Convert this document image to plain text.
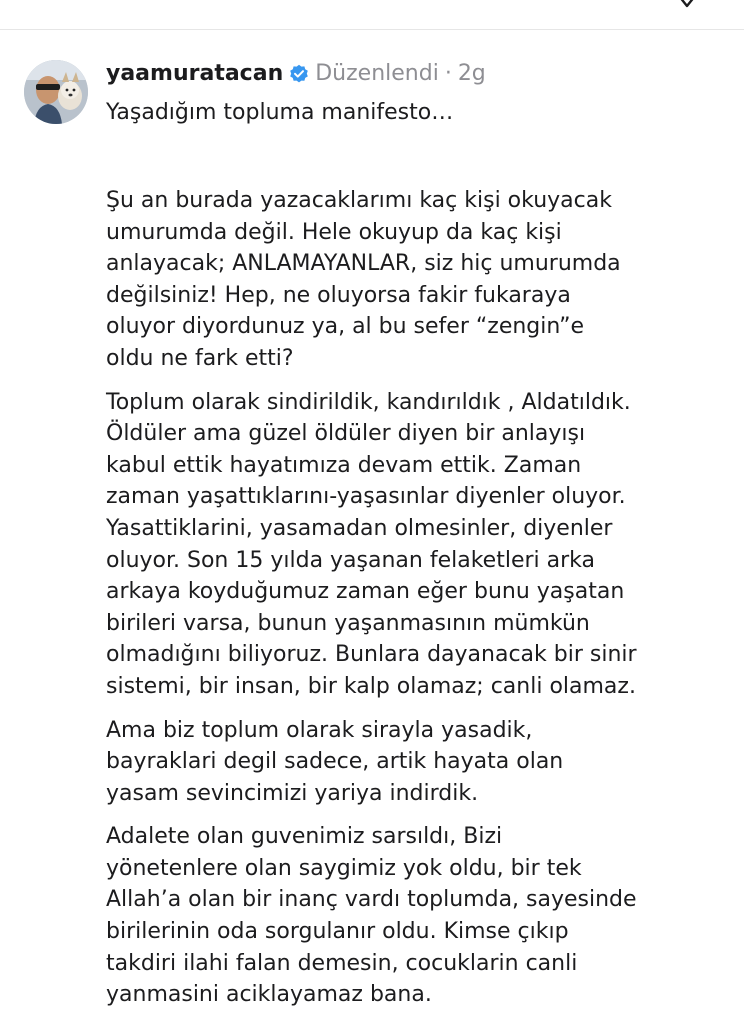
yaamuratacan Düzenlendi · 2g
Yaşadığım topluma manifesto…

Şu an burada yazacaklarımı kaç kişi okuyacak
umurumda değil. Hele okuyup da kaç kişi
anlayacak; ANLAMAYANLAR, siz hiç umurumda
değilsiniz! Hep, ne oluyorsa fakir fukaraya
oluyor diyordunuz ya, al bu sefer “zengin”e
oldu ne fark etti?

Toplum olarak sindirildik, kandırıldık , Aldatıldık.
Öldüler ama güzel öldüler diyen bir anlayışı
kabul ettik hayatımıza devam ettik. Zaman
zaman yaşattıklarını-yaşasınlar diyenler oluyor.
Yasattiklarini, yasamadan olmesinler, diyenler
oluyor. Son 15 yılda yaşanan felaketleri arka
arkaya koyduğumuz zaman eğer bunu yaşatan
birileri varsa, bunun yaşanmasının mümkün
olmadığını biliyoruz. Bunlara dayanacak bir sinir
sistemi, bir insan, bir kalp olamaz; canli olamaz.

Ama biz toplum olarak sirayla yasadik,
bayraklari degil sadece, artik hayata olan
yasam sevincimizi yariya indirdik.

Adalete olan guvenimiz sarsıldı, Bizi
yönetenlere olan saygimiz yok oldu, bir tek
Allah’a olan bir inanç vardı toplumda, sayesinde
birilerinin oda sorgulanır oldu. Kimse çıkıp
takdiri ilahi falan demesin, cocuklarin canli
yanmasini aciklayamaz bana.
